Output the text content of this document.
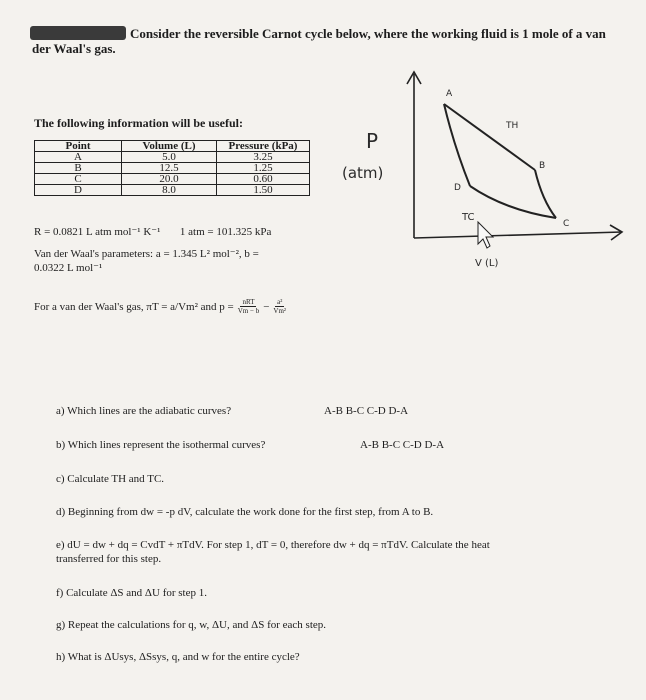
Consider the reversible Carnot cycle below, where the working fluid is 1 mole of a van
der Waal's gas.
The following information will be useful:
Point	Volume (L)	Pressure (kPa)
A	5.0	3.25
B	12.5	1.25
C	20.0	0.60
D	8.0	1.50
R = 0.0821 L atm mol⁻¹ K⁻¹ 1 atm = 101.325 kPa
Van der Waal's parameters: a = 1.345 L² mol⁻², b =
0.0322 L mol⁻¹
For a van der Waal's gas, πT = a/Vm² and p = nRT
$Vm - b - \frac{\text{a²}}{\text{Vm²}}$
P
(atm)
A
B
C
D
TH
TC
V (L)
a) Which lines are the adiabatic curves?	A-B B-C C-D D-A
b) Which lines represent the isothermal curves?	A-B B-C C-D D-A
c) Calculate TH and TC.
d) Beginning from dw = -p dV, calculate the work done for the first step, from A to B.
e) dU = dw + dq = CvdT + πTdV. For step 1, dT = 0, therefore dw + dq = πTdV. Calculate the heat
transferred for this step.
f) Calculate ΔS and ΔU for step 1.
g) Repeat the calculations for q, w, ΔU, and ΔS for each step.
h) What is ΔUsys, ΔSsys, q, and w for the entire cycle?
